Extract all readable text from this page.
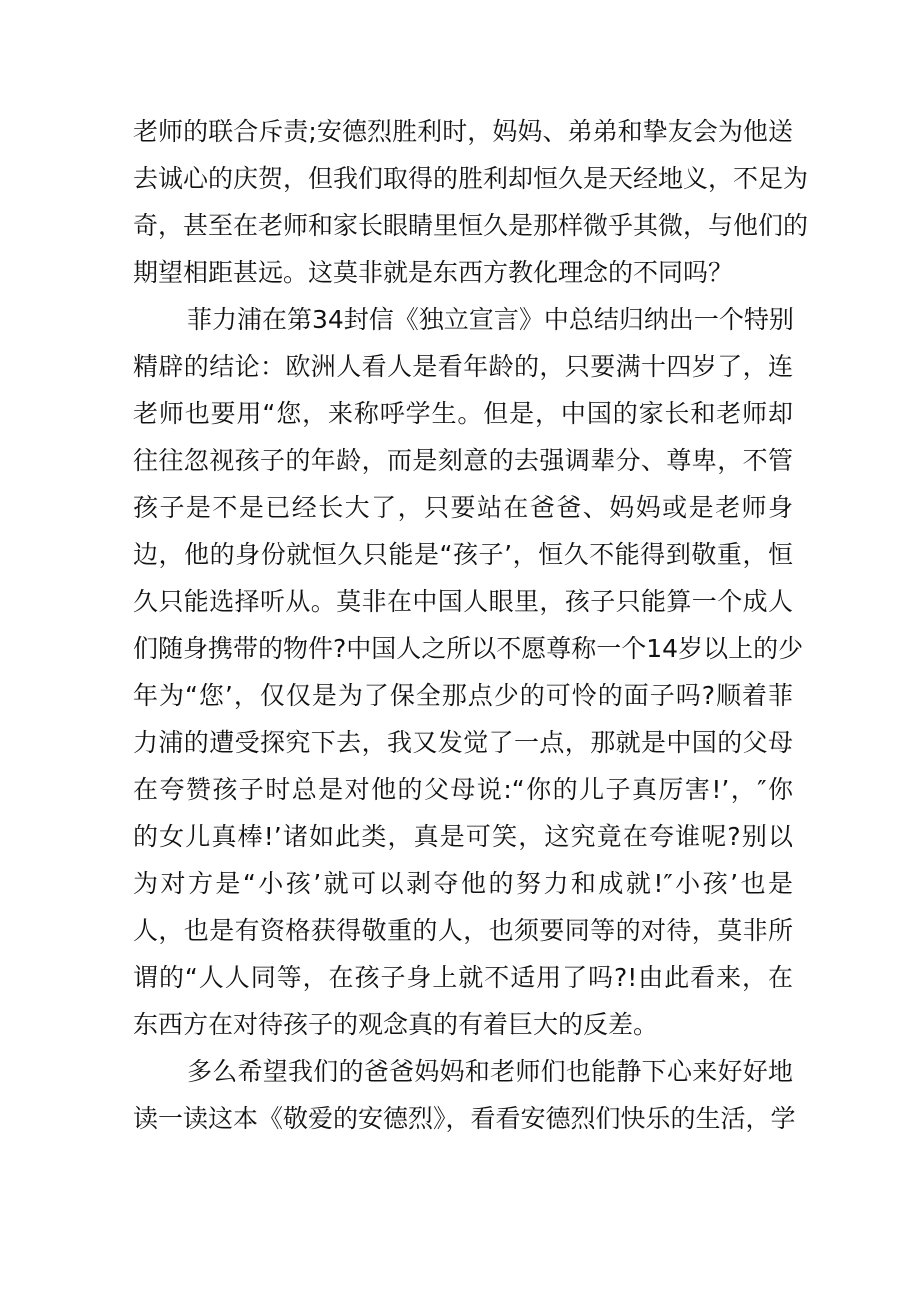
老师的联合斥责;安德烈胜利时，妈妈、弟弟和挚友会为他送
去诚心的庆贺，但我们取得的胜利却恒久是天经地义，不足为
奇，甚至在老师和家长眼睛里恒久是那样微乎其微，与他们的
期望相距甚远。这莫非就是东西方教化理念的不同吗？
菲力浦在第34封信《独立宣言》中总结归纳出一个特别
精辟的结论：欧洲人看人是看年龄的，只要满十四岁了，连
老师也要用“您，来称呼学生。但是，中国的家长和老师却
往往忽视孩子的年龄，而是刻意的去强调辈分、尊卑，不管
孩子是不是已经长大了，只要站在爸爸、妈妈或是老师身
边，他的身份就恒久只能是“孩子’，恒久不能得到敬重，恒
久只能选择听从。莫非在中国人眼里，孩子只能算一个成人
们随身携带的物件?中国人之所以不愿尊称一个14岁以上的少
年为“您’，仅仅是为了保全那点少的可怜的面子吗?顺着菲
力浦的遭受探究下去，我又发觉了一点，那就是中国的父母
在夸赞孩子时总是对他的父母说:“你的儿子真厉害!’，″你
的女儿真棒!’诸如此类，真是可笑，这究竟在夸谁呢?别以
为对方是“小孩’就可以剥夺他的努力和成就!″小孩’也是
人，也是有资格获得敬重的人，也须要同等的对待，莫非所
谓的“人人同等，在孩子身上就不适用了吗?!由此看来，在
东西方在对待孩子的观念真的有着巨大的反差。
多么希望我们的爸爸妈妈和老师们也能静下心来好好地
读一读这本《敬爱的安德烈》，看看安德烈们快乐的生活，学
